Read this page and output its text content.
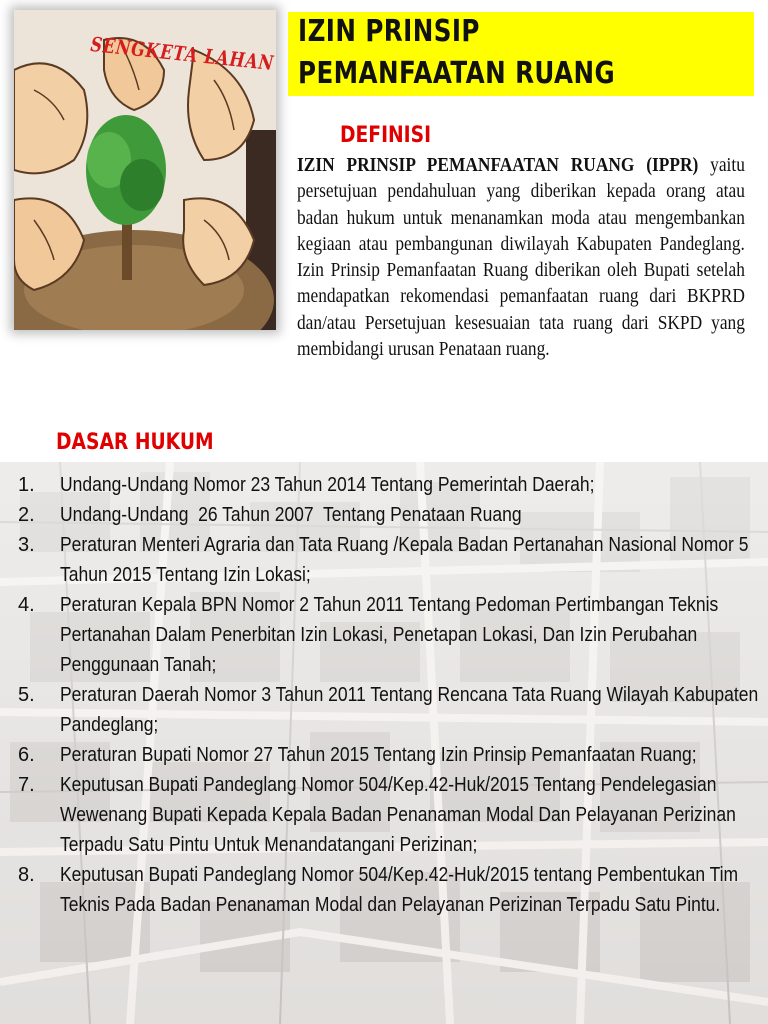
SENGKETA LAHAN
IZIN PRINSIP
PEMANFAATAN RUANG
DEFINISI
IZIN PRINSIP PEMANFAATAN RUANG (IPPR) yaitu persetujuan pendahuluan yang diberikan kepada orang atau badan hukum untuk menanamkan moda atau mengembankan kegiaan atau pembangunan diwilayah Kabupaten Pandeglang. Izin Prinsip Pemanfaatan Ruang diberikan oleh Bupati setelah mendapatkan rekomendasi pemanfaatan ruang dari BKPRD dan/atau Persetujuan kesesuaian tata ruang dari SKPD yang membidangi urusan Penataan ruang.
DASAR HUKUM
1. Undang-Undang Nomor 23 Tahun 2014 Tentang Pemerintah Daerah;
2. Undang-Undang  26 Tahun 2007  Tentang Penataan Ruang
3. Peraturan Menteri Agraria dan Tata Ruang /Kepala Badan Pertanahan Nasional Nomor 5 Tahun 2015 Tentang Izin Lokasi;
4. Peraturan Kepala BPN Nomor 2 Tahun 2011 Tentang Pedoman Pertimbangan Teknis Pertanahan Dalam Penerbitan Izin Lokasi, Penetapan Lokasi, Dan Izin Perubahan Penggunaan Tanah;
5. Peraturan Daerah Nomor 3 Tahun 2011 Tentang Rencana Tata Ruang Wilayah Kabupaten Pandeglang;
6. Peraturan Bupati Nomor 27 Tahun 2015 Tentang Izin Prinsip Pemanfaatan Ruang;
7. Keputusan Bupati Pandeglang Nomor 504/Kep.42-Huk/2015 Tentang Pendelegasian Wewenang Bupati Kepada Kepala Badan Penanaman Modal Dan Pelayanan Perizinan Terpadu Satu Pintu Untuk Menandatangani Perizinan;
8. Keputusan Bupati Pandeglang Nomor 504/Kep.42-Huk/2015 tentang Pembentukan Tim Teknis Pada Badan Penanaman Modal dan Pelayanan Perizinan Terpadu Satu Pintu.
